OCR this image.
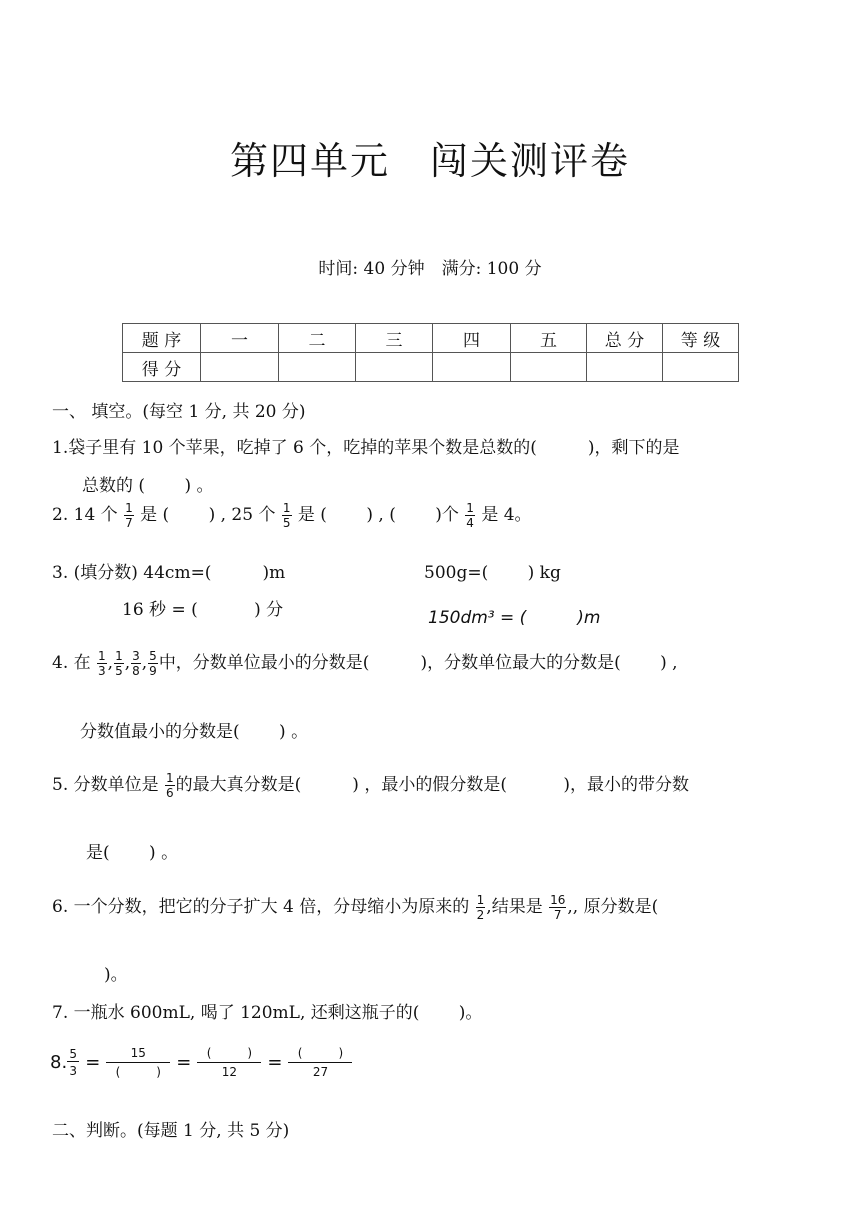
第四单元　闯关测评卷
时间: 40 分钟　满分: 100 分
题 序	一	二	三	四	五	总 分	等 级
得 分							
一、 填空。(每空 1 分, 共 20 分)
1.袋子里有 10 个苹果，吃掉了 6 个，吃掉的苹果个数是总数的(　　　)，剩下的是
总数的 (　　 ) 。
2. 14 个 $\frac{1}{7}$ 是 (　　 ) , 25 个 $\frac{1}{5}$ 是 (　　 ) , (　　 )个 $\frac{1}{4}$ 是 4。
3. (填分数) 44cm=(　　　)m	500g=(　　 ) kg
16 秒 = (　　 　) 分	150dm³ = (　　　)m
4. 在 $\frac{1}{3}$ , $\frac{1}{5}$ , $\frac{3}{8}$ , $\frac{5}{9}$ 中，分数单位最小的分数是(　　　)，分数单位最大的分数是(　　 ) ,
分数值最小的分数是(　　 ) 。
5. 分数单位是 $\frac{1}{6}$ 的最大真分数是(　　　) ，最小的假分数是(　　　 )，最小的带分数
是(　　 ) 。
6. 一个分数，把它的分子扩大 4 倍，分母缩小为原来的 $\frac{1}{2}$ ,结果是 $\frac{16}{7}$ ,, 原分数是(
)。
7. 一瓶水 600mL, 喝了 120mL, 还剩这瓶子的(　　 )。
8. $\frac{5}{3}$ =	15
(　　　) =	(　　　)
12 =	(　　　)
27
二、判断。(每题 1 分, 共 5 分)
